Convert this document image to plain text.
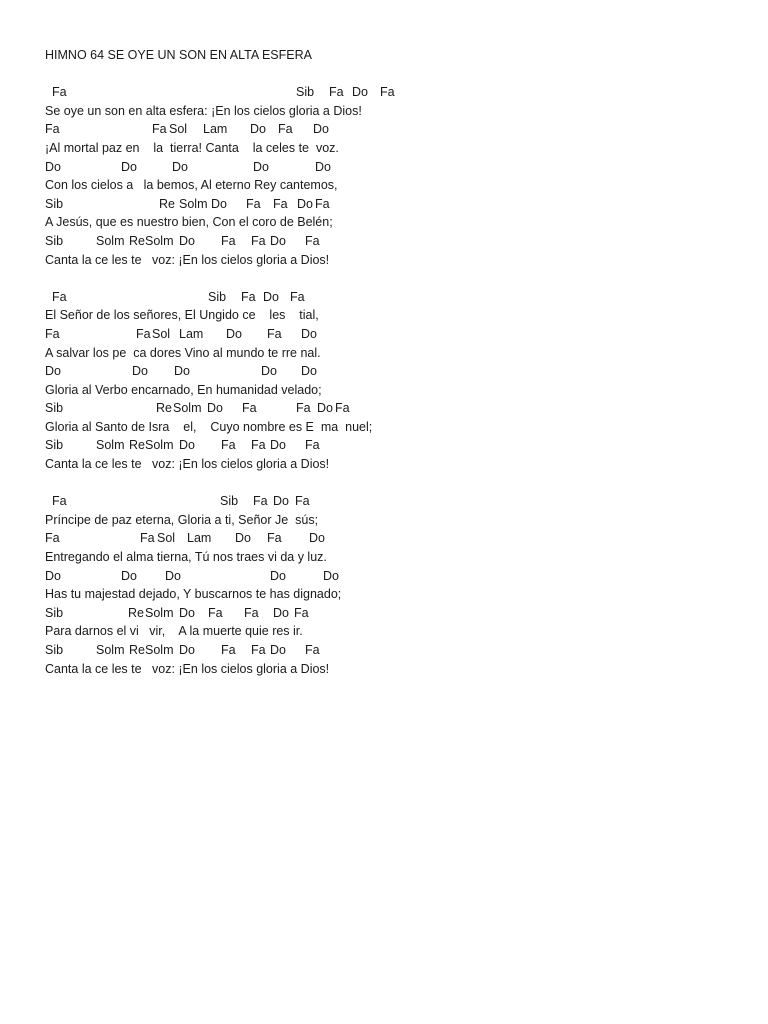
HIMNO 64 SE OYE UN SON EN ALTA ESFERA
Fa	Sib Fa Do Fa
Se oye un son en alta esfera: ¡En los cielos gloria a Dios!
Fa	Fa Sol Lam Do Fa Do
¡Al mortal paz en    la  tierra! Canta    la celes te  voz.
Do	Do	Do	Do	Do
Con los cielos a   la bemos, Al eterno Rey cantemos,
Sib	Re Solm Do Fa Fa Do Fa
A Jesús, que es nuestro bien, Con el coro de Belén;
Sib	Solm Re Solm Do Fa Fa Do Fa
Canta la ce les te   voz: ¡En los cielos gloria a Dios!
Fa	Sib Fa Do Fa
El Señor de los señores, El Ungido ce    les    tial,
Fa	Fa Sol Lam Do Fa Do
A salvar los pe  ca dores Vino al mundo te rre nal.
Do	Do Do	Do Do
Gloria al Verbo encarnado, En humanidad velado;
Sib	Re Solm Do Fa	Fa Do Fa
Gloria al Santo de Isra    el,    Cuyo nombre es E  ma  nuel;
Sib	Solm Re Solm Do Fa Fa Do Fa
Canta la ce les te   voz: ¡En los cielos gloria a Dios!
Fa	Sib Fa Do Fa
Príncipe de paz eterna, Gloria a ti, Señor Je  sús;
Fa	Fa Sol Lam Do Fa Do
Entregando el alma tierna, Tú nos traes vi da y luz.
Do	Do Do	Do	Do
Has tu majestad dejado, Y buscarnos te has dignado;
Sib	Re Solm Do Fa Fa Do Fa
Para darnos el vi   vir,    A la muerte quie res ir.
Sib	Solm Re Solm Do Fa Fa Do Fa
Canta la ce les te   voz: ¡En los cielos gloria a Dios!
